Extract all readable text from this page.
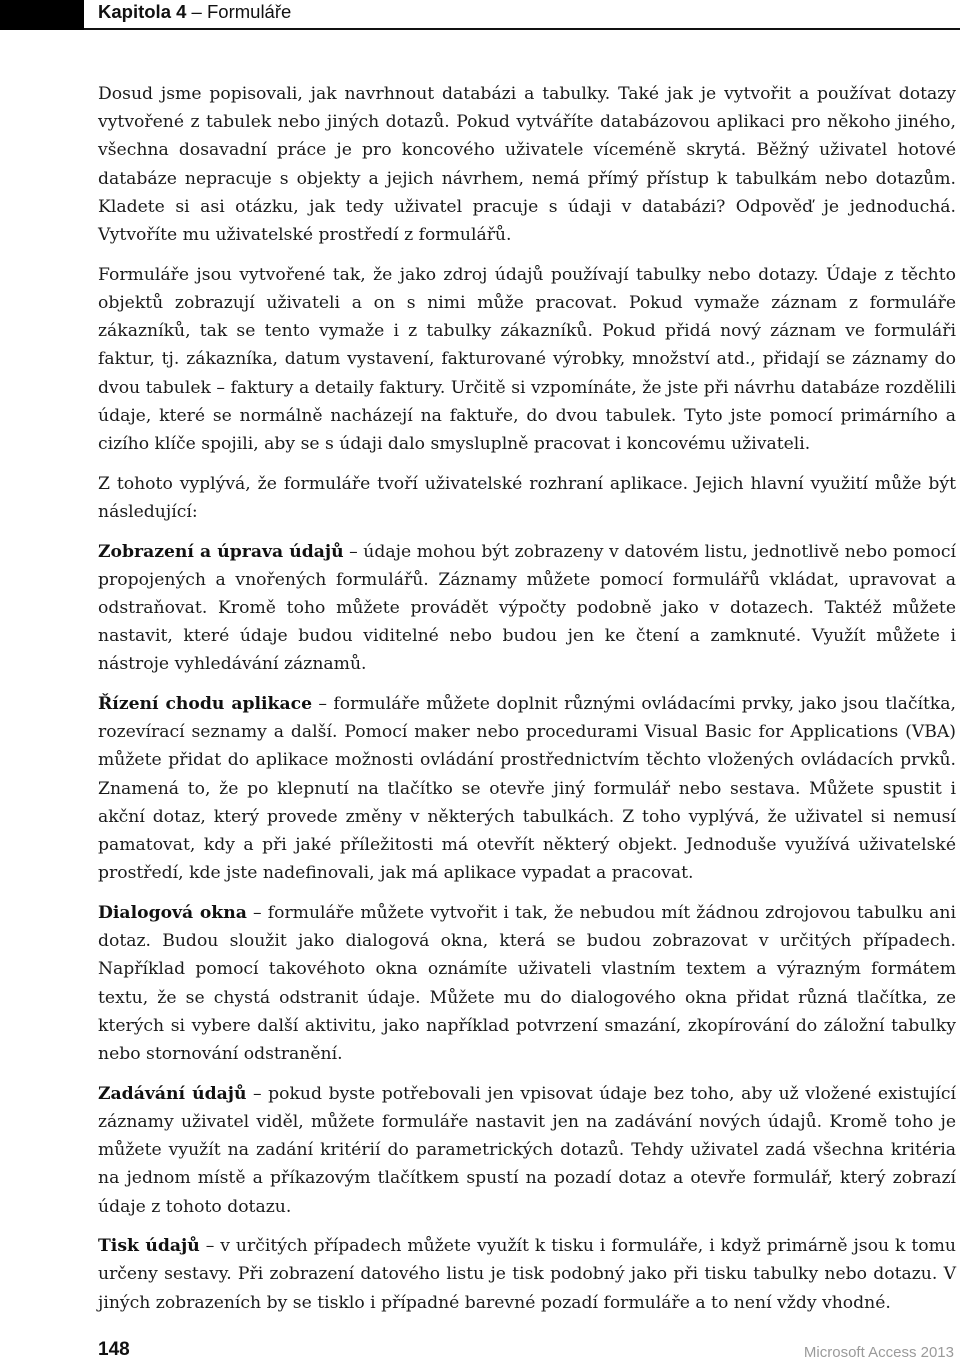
Kapitola 4 – Formuláře

Dosud jsme popisovali, jak navrhnout databázi a tabulky. Také jak je vytvořit a používat dotazy vytvořené z tabulek nebo jiných dotazů. Pokud vytváříte databázovou aplikaci pro někoho jiného, všechna dosavadní práce je pro koncového uživatele víceméně skrytá. Běžný uživatel hotové databáze nepracuje s objekty a jejich návrhem, nemá přímý přístup k tabulkám nebo dotazům. Kladete si asi otázku, jak tedy uživatel pracuje s údaji v databázi? Odpověď je jednoduchá. Vytvoříte mu uživatelské prostředí z formulářů.

Formuláře jsou vytvořené tak, že jako zdroj údajů používají tabulky nebo dotazy. Údaje z těchto objektů zobrazují uživateli a on s nimi může pracovat. Pokud vymaže záznam z formuláře zákazníků, tak se tento vymaže i z tabulky zákazníků. Pokud přidá nový záznam ve formuláři faktur, tj. zákazníka, datum vystavení, fakturované výrobky, množství atd., přidají se záznamy do dvou tabulek – faktury a detaily faktury. Určitě si vzpomínáte, že jste při návrhu databáze rozdělili údaje, které se normálně nacházejí na faktuře, do dvou tabulek. Tyto jste pomocí primárního a cizího klíče spojili, aby se s údaji dalo smysluplně pracovat i koncovému uživateli.

Z tohoto vyplývá, že formuláře tvoří uživatelské rozhraní aplikace. Jejich hlavní využití může být následující:

Zobrazení a úprava údajů – údaje mohou být zobrazeny v datovém listu, jednotlivě nebo pomocí propojených a vnořených formulářů. Záznamy můžete pomocí formulářů vkládat, upravovat a odstraňovat. Kromě toho můžete provádět výpočty podobně jako v dotazech. Taktéž můžete nastavit, které údaje budou viditelné nebo budou jen ke čtení a zamknuté. Využít můžete i nástroje vyhledávání záznamů.

Řízení chodu aplikace – formuláře můžete doplnit různými ovládacími prvky, jako jsou tlačítka, rozevírací seznamy a další. Pomocí maker nebo procedurami Visual Basic for Applications (VBA) můžete přidat do aplikace možnosti ovládání prostřednictvím těchto vložených ovládacích prvků. Znamená to, že po klepnutí na tlačítko se otevře jiný formulář nebo sestava. Můžete spustit i akční dotaz, který provede změny v některých tabulkách. Z toho vyplývá, že uživatel si nemusí pamatovat, kdy a při jaké příležitosti má otevřít některý objekt. Jednoduše využívá uživatelské prostředí, kde jste nadefinovali, jak má aplikace vypadat a pracovat.

Dialogová okna – formuláře můžete vytvořit i tak, že nebudou mít žádnou zdrojovou tabulku ani dotaz. Budou sloužit jako dialogová okna, která se budou zobrazovat v určitých případech. Například pomocí takovéhoto okna oznámíte uživateli vlastním textem a výrazným formátem textu, že se chystá odstranit údaje. Můžete mu do dialogového okna přidat různá tlačítka, ze kterých si vybere další aktivitu, jako například potvrzení smazání, zkopírování do záložní tabulky nebo stornování odstranění.

Zadávání údajů – pokud byste potřebovali jen vpisovat údaje bez toho, aby už vložené existující záznamy uživatel viděl, můžete formuláře nastavit jen na zadávání nových údajů. Kromě toho je můžete využít na zadání kritérií do parametrických dotazů. Tehdy uživatel zadá všechna kritéria na jednom místě a příkazovým tlačítkem spustí na pozadí dotaz a otevře formulář, který zobrazí údaje z tohoto dotazu.

Tisk údajů – v určitých případech můžete využít k tisku i formuláře, i když primárně jsou k tomu určeny sestavy. Při zobrazení datového listu je tisk podobný jako při tisku tabulky nebo dotazu. V jiných zobrazeních by se tisklo i případné barevné pozadí formuláře a to není vždy vhodné.

148	Microsoft Access 2013
